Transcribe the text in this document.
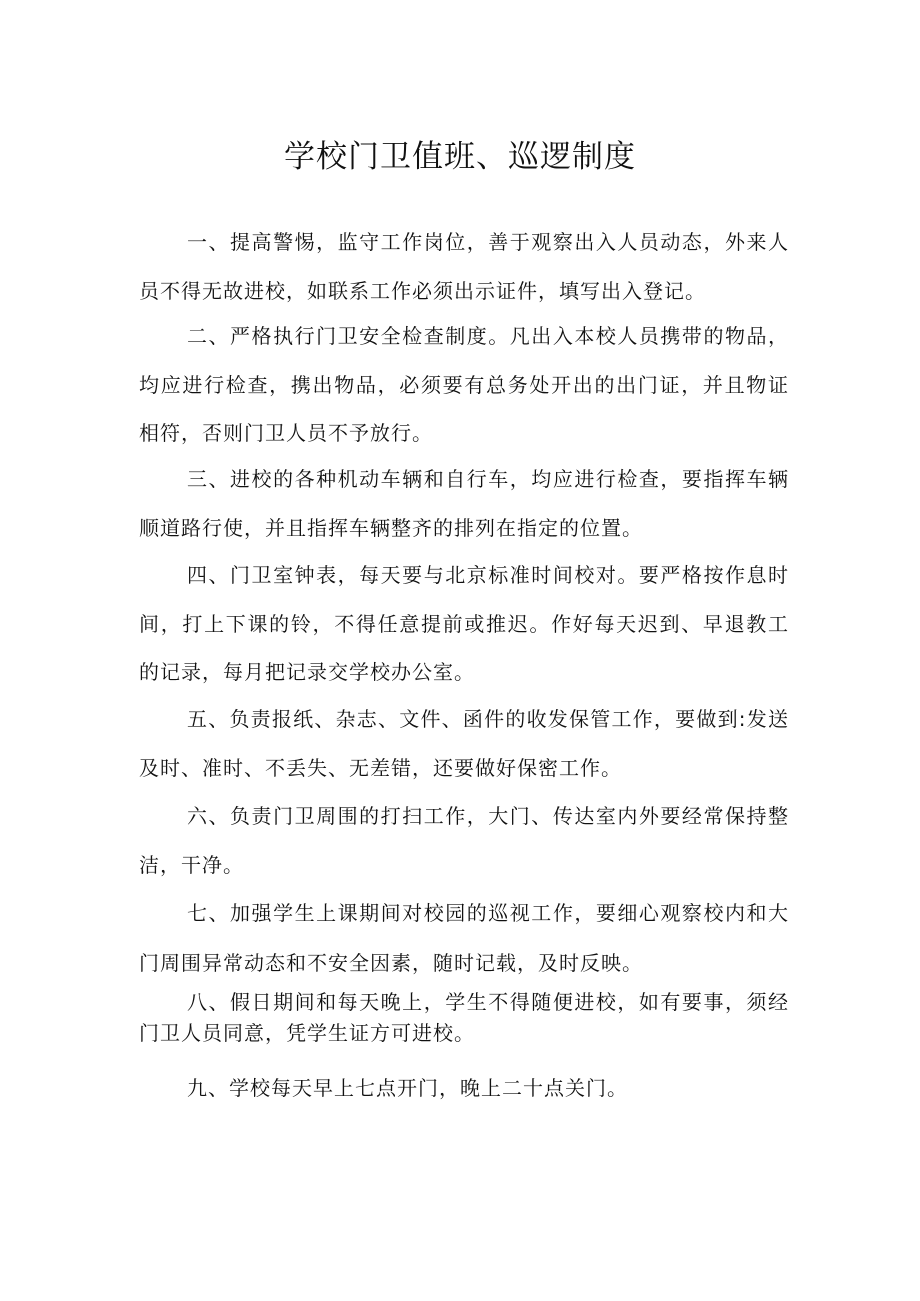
学校门卫值班、巡逻制度

一、提高警惕，监守工作岗位，善于观察出入人员动态，外来人员不得无故进校，如联系工作必须出示证件，填写出入登记。

二、严格执行门卫安全检查制度。凡出入本校人员携带的物品，均应进行检查，携出物品，必须要有总务处开出的出门证，并且物证相符，否则门卫人员不予放行。

三、进校的各种机动车辆和自行车，均应进行检查，要指挥车辆顺道路行使，并且指挥车辆整齐的排列在指定的位置。

四、门卫室钟表，每天要与北京标准时间校对。要严格按作息时间，打上下课的铃，不得任意提前或推迟。作好每天迟到、早退教工的记录，每月把记录交学校办公室。

五、负责报纸、杂志、文件、函件的收发保管工作，要做到:发送及时、准时、不丢失、无差错，还要做好保密工作。

六、负责门卫周围的打扫工作，大门、传达室内外要经常保持整洁，干净。

七、加强学生上课期间对校园的巡视工作，要细心观察校内和大门周围异常动态和不安全因素，随时记载，及时反映。

八、假日期间和每天晚上，学生不得随便进校，如有要事，须经门卫人员同意，凭学生证方可进校。

九、学校每天早上七点开门，晚上二十点关门。
